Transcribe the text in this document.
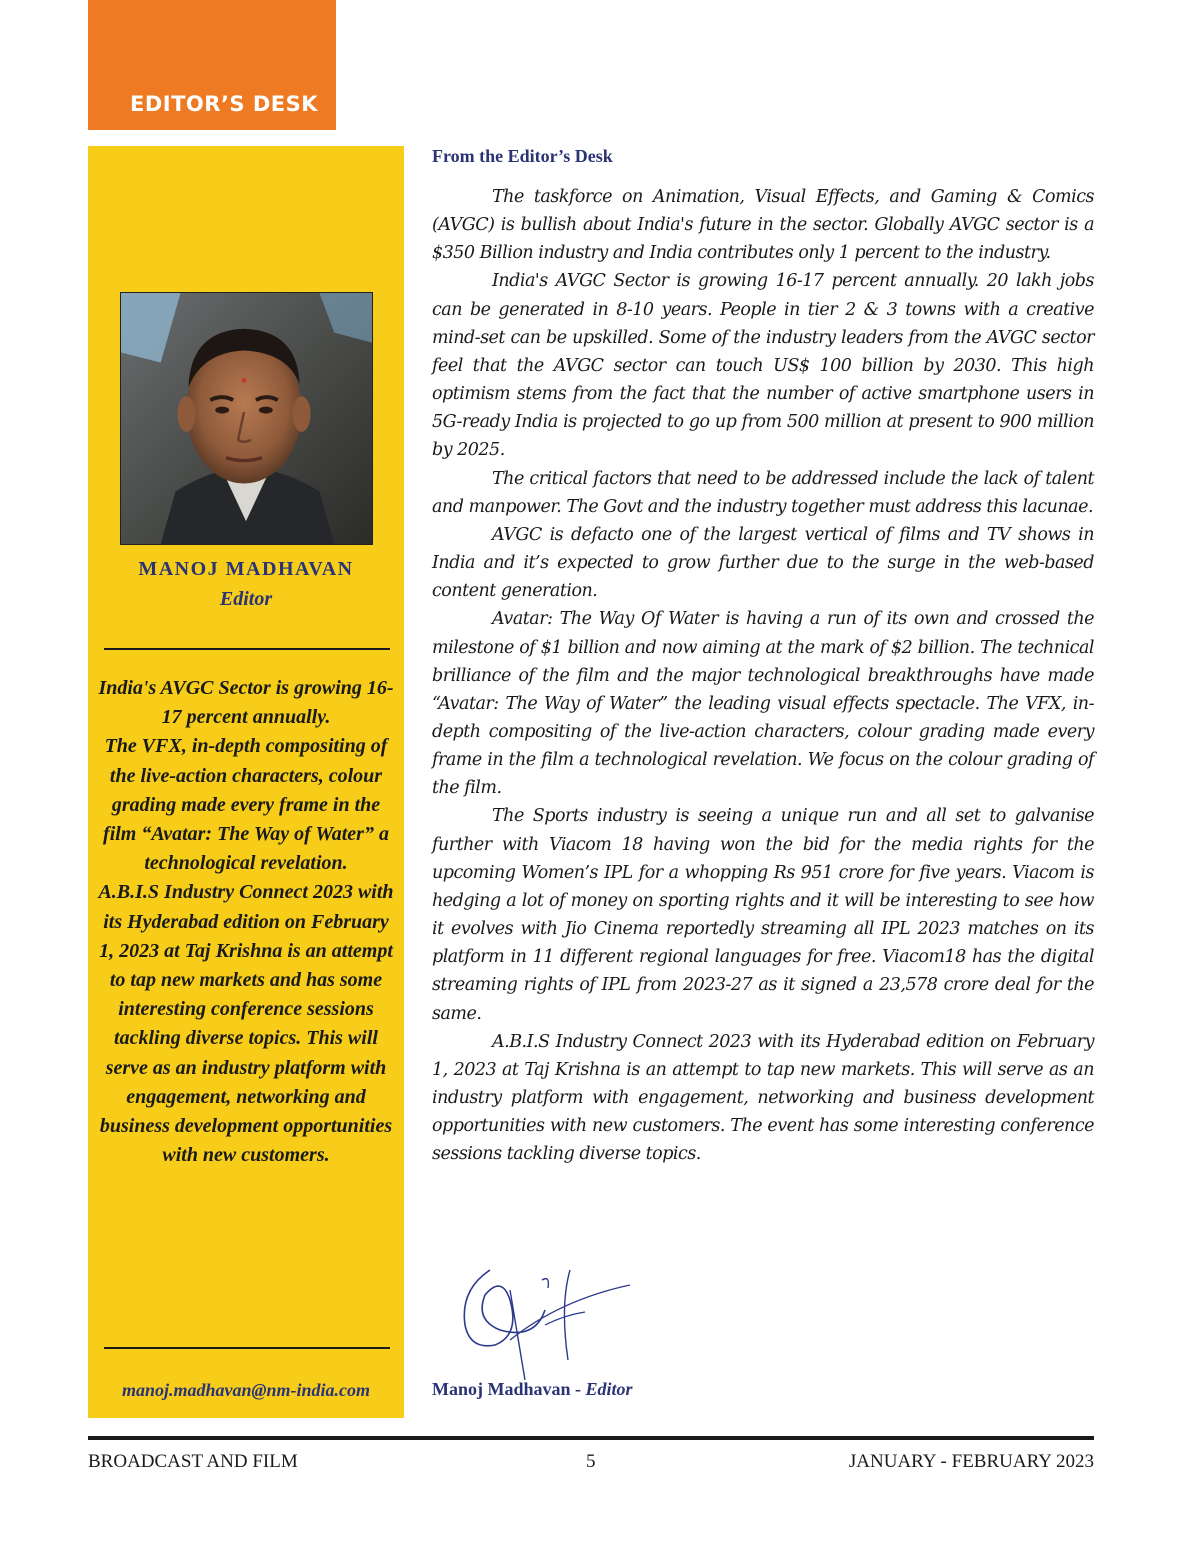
EDITOR’S DESK
MANOJ MADHAVAN
Editor

India's AVGC Sector is growing 16-17 percent annually.

The VFX, in-depth compositing of the live-action characters, colour grading made every frame in the film “Avatar: The Way of Water” a technological revelation.

A.B.I.S Industry Connect 2023 with its Hyderabad edition on February 1, 2023 at Taj Krishna is an attempt to tap new markets and has some interesting conference sessions tackling diverse topics. This will serve as an industry platform with engagement, networking and business development opportunities with new customers.

manoj.madhavan@nm-india.com
From the Editor’s Desk

The taskforce on Animation, Visual Effects, and Gaming & Comics (AVGC) is bullish about India's future in the sector. Globally AVGC sector is a $350 Billion industry and India contributes only 1 percent to the industry.

India's AVGC Sector is growing 16-17 percent annually. 20 lakh jobs can be generated in 8-10 years. People in tier 2 & 3 towns with a creative mind-set can be upskilled. Some of the industry leaders from the AVGC sector feel that the AVGC sector can touch US$ 100 billion by 2030. This high optimism stems from the fact that the number of active smartphone users in 5G-ready India is projected to go up from 500 million at present to 900 million by 2025.

The critical factors that need to be addressed include the lack of talent and manpower. The Govt and the industry together must address this lacunae.

AVGC is defacto one of the largest vertical of films and TV shows in India and it’s expected to grow further due to the surge in the web-based content generation.

Avatar: The Way Of Water is having a run of its own and crossed the milestone of $1 billion and now aiming at the mark of $2 billion. The technical brilliance of the film and the major technological breakthroughs have made “Avatar: The Way of Water” the leading visual effects spectacle. The VFX, in-depth compositing of the live-action characters, colour grading made every frame in the film a technological revelation. We focus on the colour grading of the film.

The Sports industry is seeing a unique run and all set to galvanise further with Viacom 18 having won the bid for the media rights for the upcoming Women’s IPL for a whopping Rs 951 crore for five years. Viacom is hedging a lot of money on sporting rights and it will be interesting to see how it evolves with Jio Cinema reportedly streaming all IPL 2023 matches on its platform in 11 different regional languages for free. Viacom18 has the digital streaming rights of IPL from 2023-27 as it signed a 23,578 crore deal for the same.

A.B.I.S Industry Connect 2023 with its Hyderabad edition on February 1, 2023 at Taj Krishna is an attempt to tap new markets. This will serve as an industry platform with engagement, networking and business development opportunities with new customers. The event has some interesting conference sessions tackling diverse topics.

Manoj Madhavan - Editor
BROADCAST AND FILM	5	JANUARY - FEBRUARY 2023
